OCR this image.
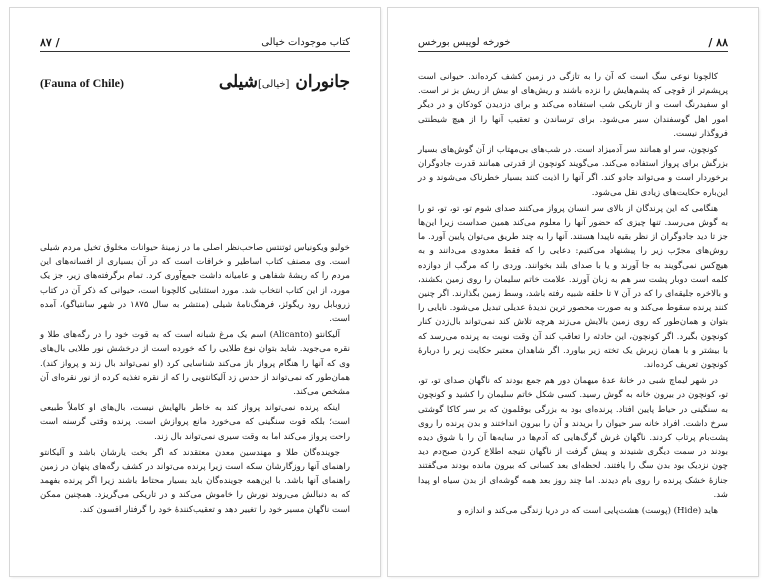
کتاب موجودات خیالی
/ ۸۷
جانوران [خیالی]شیلی
(Fauna of Chile)

خولیو ویکونیاس ثوتنتس صاحب‌نظر اصلی ما در زمینهٔ حیوانات مخلوق تخیل مردم شیلی است. وی مصنف کتاب اساطیر و خرافات است که در آن بسیاری از افسانه‌های این مردم را که ریشهٔ شفاهی و عامیانه داشت جمع‌آوری کرد. تمام برگرفته‌های زیر، جز یک مورد، از این کتاب انتخاب شد. مورد استثنایی کالچونا است، حیوانی که ذکر آن در کتاب زرو‌بابل رود ریگوئز، فرهنگ‌نامهٔ شیلی (منتشر به سال ۱۸۷۵ در شهر سانتیاگو)، آمده است.

آلیکانتو (Alicanto) اسم یک مرغ شبانه است که به قوت خود را در رگه‌های طلا و نقره می‌جوید. شاید بتوان نوع طلایی را که خورده است از درخشش نور طلایی بال‌های وی که آنها را هنگام پرواز باز می‌کند شناسایی کرد (او نمی‌تواند بال زند و پرواز کند). همان‌طور که نمی‌تواند از حدس زد آلیکانتویی را که از نقره تغذیه کرده از نور نقره‌ای آن مشخص می‌کند.

اینکه پرنده نمی‌تواند پرواز کند به خاطر بالهایش نیست، بال‌های او کاملاً طبیعی است؛ بلکه قوت سنگینی که می‌خورد مانع پروازش است. پرنده وقتی گرسنه است راحت پرواز می‌کند اما به وقت سیری نمی‌تواند بال زند.

جوینده‌گان طلا و مهندسین معدن معتقدند که اگر بخت یارشان باشد و آلیکانتو راهنمای آنها روزگارشان سکه است زیرا پرنده می‌تواند در کشف رگه‌های پنهان در زمین راهنمای آنها باشد. با این‌همه جوینده‌گان باید بسیار محتاط باشند زیرا اگر پرنده بفهمد که به دنبالش می‌روند نورش را خاموش می‌کند و در تاریکی می‌گریزد. همچنین ممکن است ناگهان مسیر خود را تغییر دهد و تعقیب‌کنندهٔ خود را گرفتار افسون کند.

۸۸ /
خورخه لوییس بورخس

کالچونا نوعی سگ است که آن را به تازگی در زمین کشف کرده‌اند. حیوانی است پرپشم‌تر از قوچی که پشم‌هایش را نزده باشند و ریش‌های او بیش از ریش بز نر است. او سفیدرنگ است و از تاریکی شب استفاده می‌کند و برای دزدیدن کودکان و در دیگر امور اهل گوسفندان سیر می‌شود. برای ترساندن و تعقیب آنها را از هیچ شیطنتی فروگذار نیست.

کونچون، سر او همانند سر آدمیزاد است. در شب‌های بی‌مهتاب از آن گوش‌های بسیار بزرگش برای پرواز استفاده می‌کند. می‌گویند کونچون از قدرتی همانند قدرت جادوگران برخوردار است و می‌تواند جادو کند. اگر آنها را اذیت کنند بسیار خطرناک می‌شوند و در این‌باره حکایت‌های زیادی نقل می‌شود.

هنگامی که این پرندگان از بالای سر انسان پرواز می‌کنند صدای شوم تو، تو، تو، تو را به گوش می‌رسد. تنها چیزی که حضور آنها را معلوم می‌کند همین صداست زیرا این‌ها جز تا دید جادوگران از نظر بقیه ناپیدا هستند. آنها را به چند طریق می‌توان پایین آورد. ما روش‌های مجرّب زیر را پیشنهاد می‌کنیم: دعایی را که فقط معدودی می‌دانند و به هیچ‌کس نمی‌گویند به جا آورند و یا با صدای بلند بخوانند. وردی را که مرگب از دوازده کلمه است دوبار پشت سر هم به زبان آورند. علامت خاتم سلیمان را روی زمین بکشند، و بالاخره جلیقه‌ای را که در آن ۷ تا حلقه شبیه رفته باشد، وسط زمین بگذارند. اگر چنین کنند پرنده سقوط می‌کند و به صورت محصور ترین ندیدهٔ عدیلی تبدیل می‌شود. نایایی را بتوان و همان‌طور که روی زمین بالایش می‌زند هرچه تلاش کند نمی‌تواند بال‌زدن کنار کونچون بگیرد. اگر کونچون، این حادثه را تعاقب کند آن وقت نوبت به پرنده می‌رسد که با بیشتر و با همان زیرش یک تخته زیر بیاورد. اگر شاهدان معتبر حکایت زیر را دربارهٔ کونچون تعریف کرده‌اند.

در شهر لیماچ شبی در خانهٔ عدهٔ میهمان دور هم جمع بودند که ناگهان صدای تو، تو، تو، کونچون در بیرون خانه به گوش رسید. کسی شکل خاتم سلیمان را کشید و کونچون به سنگینی در حیاط پایین افتاد. پرنده‌ای بود به بزرگی بوقلمون که بر سر کاکا گوشتی سرخ داشت. افراد خانه سر حیوان را بریدند و آن را بیرون انداختند و بدن پرنده را روی پشت‌بام پرتاب کردند. ناگهان غرش گرگ‌هایی که آدم‌ها در سایه‌ها آن را با شوق دیده بودند در سمت دیگری شنیدند و پیش گرفت از ناگهان نتیجه اطلاع کردن صبح‌دم دید چون نزدیک بود بدن سگ را یافتند. لحظه‌ای بعد کسانی که بیرون مانده بودند می‌گفتند جنازهٔ خشک پرنده را روی بام دیدند. اما چند روز بعد همه گوشه‌ای از بدن سیاه او پیدا شد.

هاید (Hide) (پوست) هشت‌پایی است که در دریا زندگی می‌کند و اندازه و
